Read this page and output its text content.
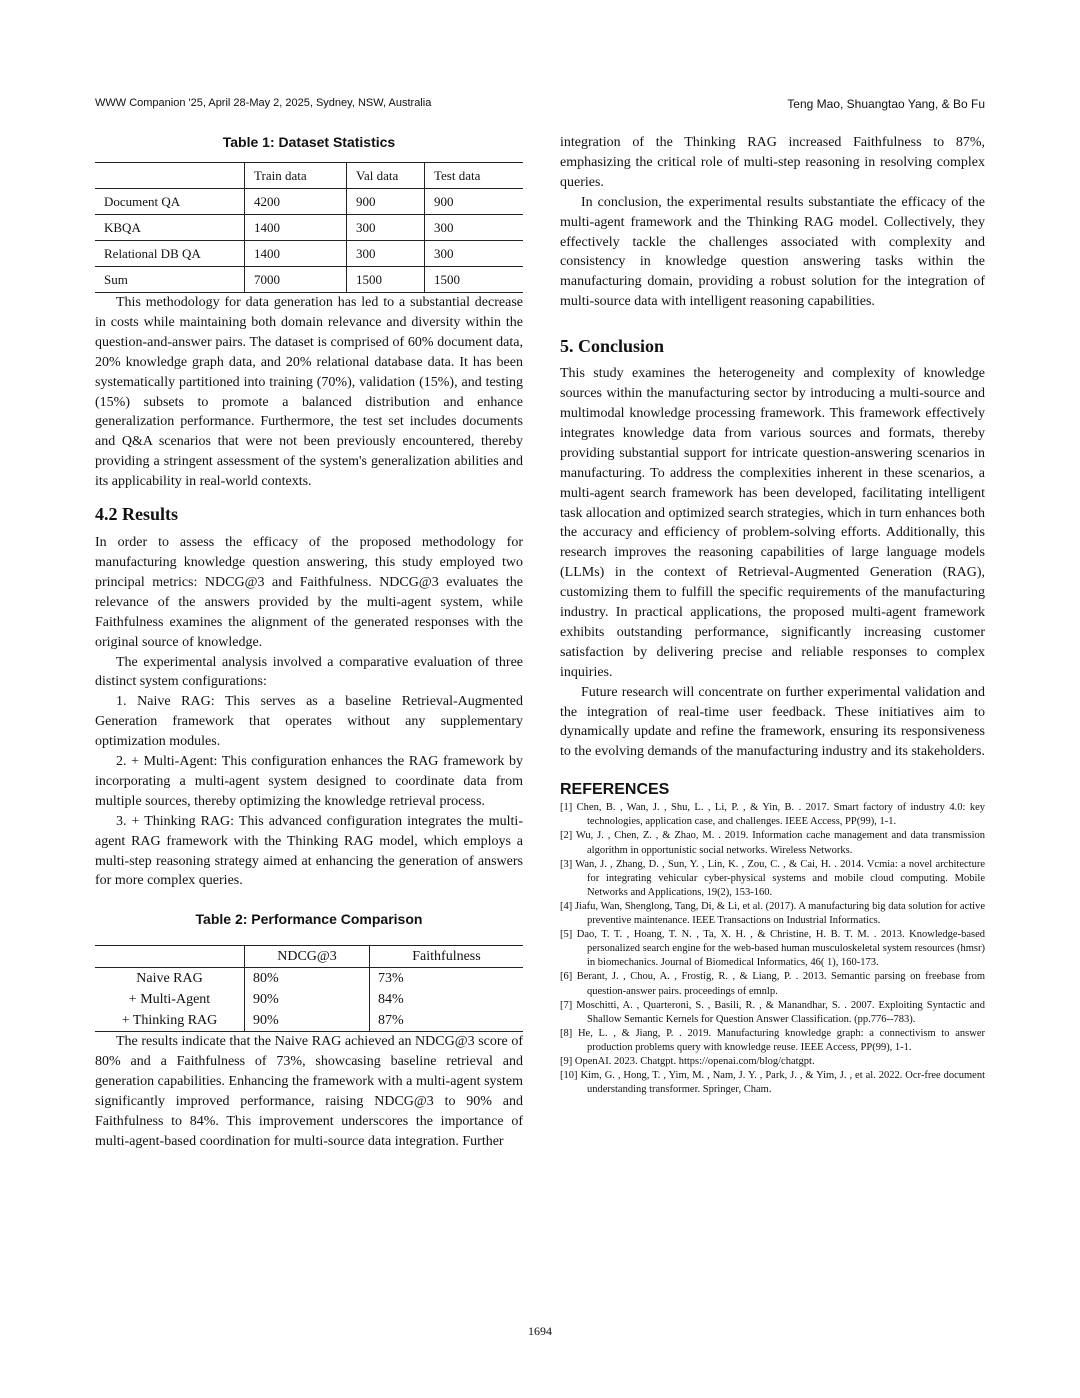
WWW Companion '25, April 28-May 2, 2025, Sydney, NSW, Australia	Teng Mao, Shuangtao Yang, & Bo Fu
Table 1: Dataset Statistics
	Train data	Val data	Test data
Document QA	4200	900	900
KBQA	1400	300	300
Relational DB QA	1400	300	300
Sum	7000	1500	1500

This methodology for data generation has led to a substantial decrease in costs while maintaining both domain relevance and diversity within the question-and-answer pairs. The dataset is comprised of 60% document data, 20% knowledge graph data, and 20% relational database data. It has been systematically partitioned into training (70%), validation (15%), and testing (15%) subsets to promote a balanced distribution and enhance generalization performance. Furthermore, the test set includes documents and Q&A scenarios that were not been previously encountered, thereby providing a stringent assessment of the system's generalization abilities and its applicability in real-world contexts.

4.2 Results

In order to assess the efficacy of the proposed methodology for manufacturing knowledge question answering, this study employed two principal metrics: NDCG@3 and Faithfulness. NDCG@3 evaluates the relevance of the answers provided by the multi-agent system, while Faithfulness examines the alignment of the generated responses with the original source of knowledge.

The experimental analysis involved a comparative evaluation of three distinct system configurations:

1. Naive RAG: This serves as a baseline Retrieval-Augmented Generation framework that operates without any supplementary optimization modules.

2. + Multi-Agent: This configuration enhances the RAG framework by incorporating a multi-agent system designed to coordinate data from multiple sources, thereby optimizing the knowledge retrieval process.

3. + Thinking RAG: This advanced configuration integrates the multi-agent RAG framework with the Thinking RAG model, which employs a multi-step reasoning strategy aimed at enhancing the generation of answers for more complex queries.

Table 2: Performance Comparison
	NDCG@3	Faithfulness
Naive RAG	80%	73%
+ Multi-Agent	90%	84%
+ Thinking RAG	90%	87%

The results indicate that the Naive RAG achieved an NDCG@3 score of 80% and a Faithfulness of 73%, showcasing baseline retrieval and generation capabilities. Enhancing the framework with a multi-agent system significantly improved performance, raising NDCG@3 to 90% and Faithfulness to 84%. This improvement underscores the importance of multi-agent-based coordination for multi-source data integration. Further

integration of the Thinking RAG increased Faithfulness to 87%, emphasizing the critical role of multi-step reasoning in resolving complex queries.

In conclusion, the experimental results substantiate the efficacy of the multi-agent framework and the Thinking RAG model. Collectively, they effectively tackle the challenges associated with complexity and consistency in knowledge question answering tasks within the manufacturing domain, providing a robust solution for the integration of multi-source data with intelligent reasoning capabilities.

5. Conclusion

This study examines the heterogeneity and complexity of knowledge sources within the manufacturing sector by introducing a multi-source and multimodal knowledge processing framework. This framework effectively integrates knowledge data from various sources and formats, thereby providing substantial support for intricate question-answering scenarios in manufacturing. To address the complexities inherent in these scenarios, a multi-agent search framework has been developed, facilitating intelligent task allocation and optimized search strategies, which in turn enhances both the accuracy and efficiency of problem-solving efforts. Additionally, this research improves the reasoning capabilities of large language models (LLMs) in the context of Retrieval-Augmented Generation (RAG), customizing them to fulfill the specific requirements of the manufacturing industry. In practical applications, the proposed multi-agent framework exhibits outstanding performance, significantly increasing customer satisfaction by delivering precise and reliable responses to complex inquiries.

Future research will concentrate on further experimental validation and the integration of real-time user feedback. These initiatives aim to dynamically update and refine the framework, ensuring its responsiveness to the evolving demands of the manufacturing industry and its stakeholders.

REFERENCES
[1] Chen, B. , Wan, J. , Shu, L. , Li, P. , & Yin, B. . 2017. Smart factory of industry 4.0: key technologies, application case, and challenges. IEEE Access, PP(99), 1-1.
[2] Wu, J. , Chen, Z. , & Zhao, M. . 2019. Information cache management and data transmission algorithm in opportunistic social networks. Wireless Networks.
[3] Wan, J. , Zhang, D. , Sun, Y. , Lin, K. , Zou, C. , & Cai, H. . 2014. Vcmia: a novel architecture for integrating vehicular cyber-physical systems and mobile cloud computing. Mobile Networks and Applications, 19(2), 153-160.
[4] Jiafu, Wan, Shenglong, Tang, Di, & Li, et al. (2017). A manufacturing big data solution for active preventive maintenance. IEEE Transactions on Industrial Informatics.
[5] Dao, T. T. , Hoang, T. N. , Ta, X. H. , & Christine, H. B. T. M. . 2013. Knowledge-based personalized search engine for the web-based human musculoskeletal system resources (hmsr) in biomechanics. Journal of Biomedical Informatics, 46( 1), 160-173.
[6] Berant, J. , Chou, A. , Frostig, R. , & Liang, P. . 2013. Semantic parsing on freebase from question-answer pairs. proceedings of emnlp.
[7] Moschitti, A. , Quarteroni, S. , Basili, R. , & Manandhar, S. . 2007. Exploiting Syntactic and Shallow Semantic Kernels for Question Answer Classification. (pp.776--783).
[8] He, L. , & Jiang, P. . 2019. Manufacturing knowledge graph: a connectivism to answer production problems query with knowledge reuse. IEEE Access, PP(99), 1-1.
[9] OpenAI. 2023. Chatgpt. https://openai.com/blog/chatgpt.
[10] Kim, G. , Hong, T. , Yim, M. , Nam, J. Y. , Park, J. , & Yim, J. , et al. 2022. Ocr-free document understanding transformer. Springer, Cham.
1694
